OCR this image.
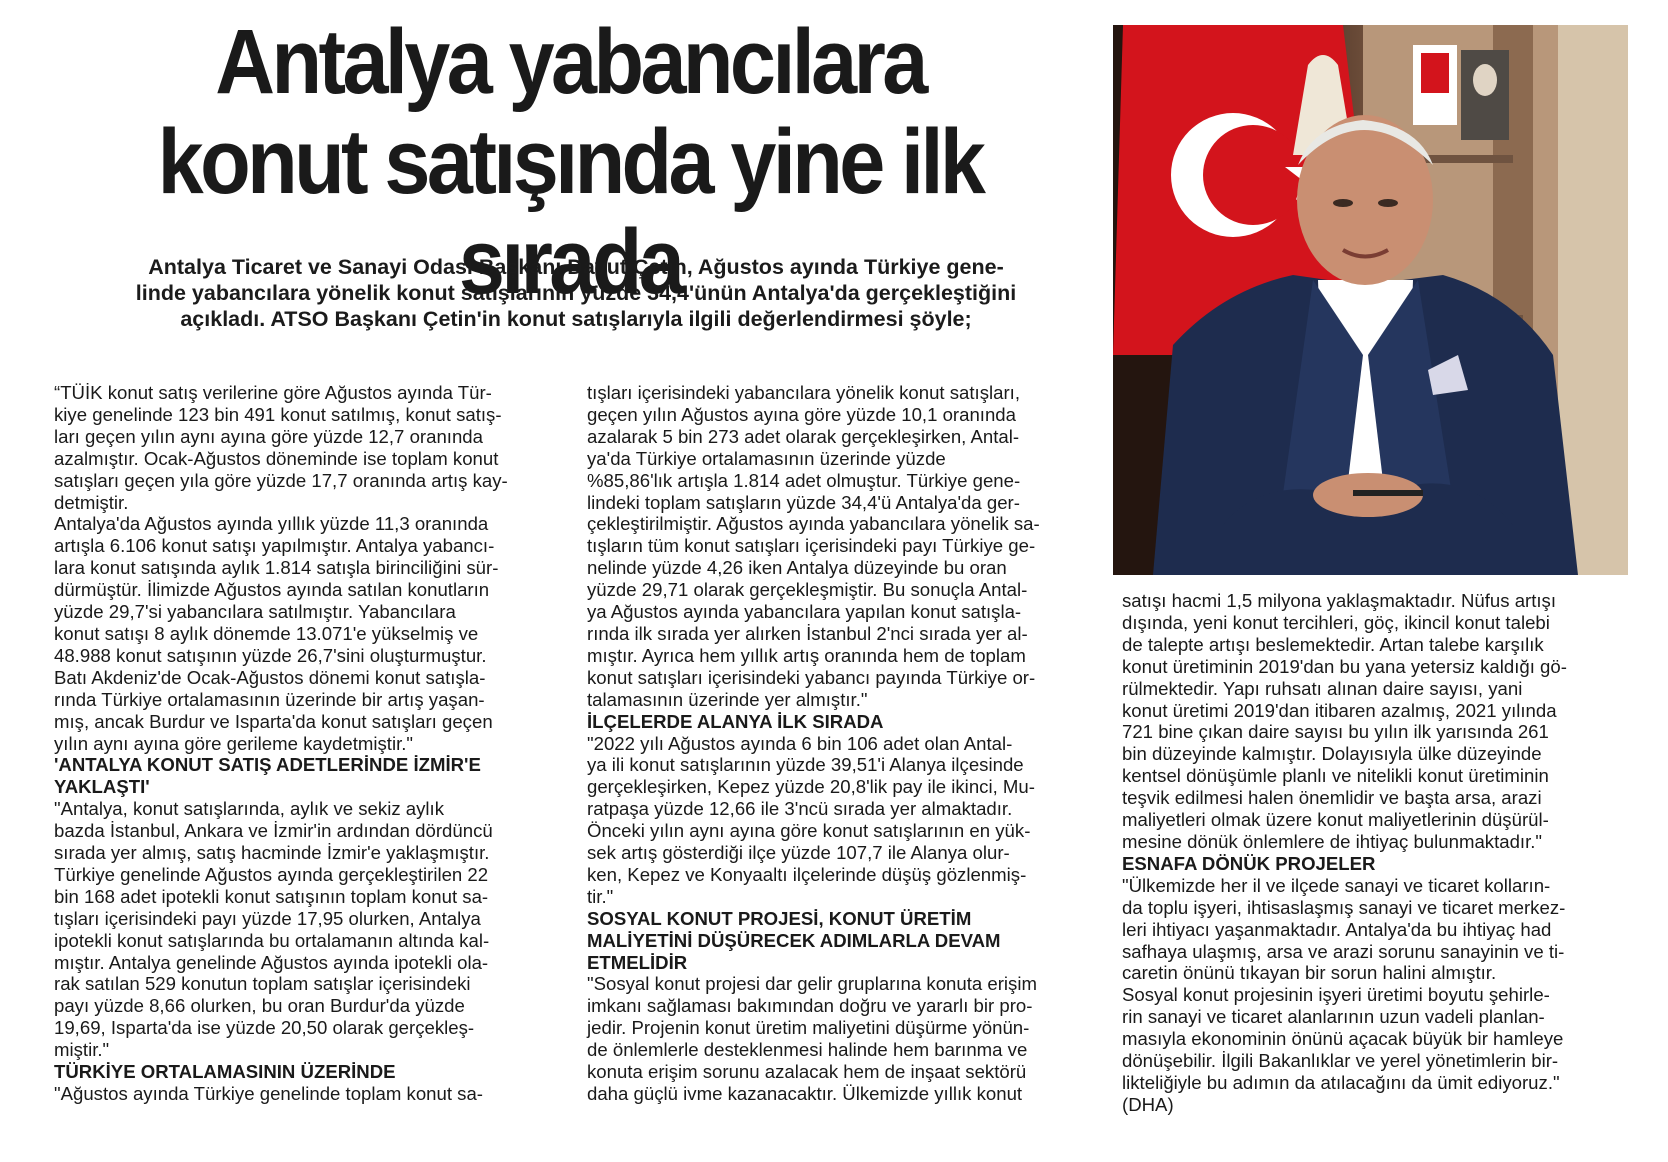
Antalya yabancılara
konut satışında yine ilk sırada
Antalya Ticaret ve Sanayi Odası Başkanı Davut Çetin, Ağustos ayında Türkiye gene-
linde yabancılara yönelik konut satışlarının yüzde 34,4'ünün Antalya'da gerçekleştiğini
açıkladı. ATSO Başkanı Çetin'in konut satışlarıyla ilgili değerlendirmesi şöyle;
“TÜİK konut satış verilerine göre Ağustos ayında Tür-
kiye genelinde 123 bin 491 konut satılmış, konut satış-
ları geçen yılın aynı ayına göre yüzde 12,7 oranında
azalmıştır. Ocak-Ağustos döneminde ise toplam konut
satışları geçen yıla göre yüzde 17,7 oranında artış kay-
detmiştir.
Antalya'da Ağustos ayında yıllık yüzde 11,3 oranında
artışla 6.106 konut satışı yapılmıştır. Antalya yabancı-
lara konut satışında aylık 1.814 satışla birinciliğini sür-
dürmüştür. İlimizde Ağustos ayında satılan konutların
yüzde 29,7'si yabancılara satılmıştır. Yabancılara
konut satışı 8 aylık dönemde 13.071'e yükselmiş ve
48.988 konut satışının yüzde 26,7'sini oluşturmuştur.
Batı Akdeniz'de Ocak-Ağustos dönemi konut satışla-
rında Türkiye ortalamasının üzerinde bir artış yaşan-
mış, ancak Burdur ve Isparta'da konut satışları geçen
yılın aynı ayına göre gerileme kaydetmiştir."
'ANTALYA KONUT SATIŞ ADETLERİNDE İZMİR'E
YAKLAŞTI'
"Antalya, konut satışlarında, aylık ve sekiz aylık
bazda İstanbul, Ankara ve İzmir'in ardından dördüncü
sırada yer almış, satış hacminde İzmir'e yaklaşmıştır.
Türkiye genelinde Ağustos ayında gerçekleştirilen 22
bin 168 adet ipotekli konut satışının toplam konut sa-
tışları içerisindeki payı yüzde 17,95 olurken, Antalya
ipotekli konut satışlarında bu ortalamanın altında kal-
mıştır. Antalya genelinde Ağustos ayında ipotekli ola-
rak satılan 529 konutun toplam satışlar içerisindeki
payı yüzde 8,66 olurken, bu oran Burdur'da yüzde
19,69, Isparta'da ise yüzde 20,50 olarak gerçekleş-
miştir."
TÜRKİYE ORTALAMASININ ÜZERİNDE
"Ağustos ayında Türkiye genelinde toplam konut sa-
tışları içerisindeki yabancılara yönelik konut satışları,
geçen yılın Ağustos ayına göre yüzde 10,1 oranında
azalarak 5 bin 273 adet olarak gerçekleşirken, Antal-
ya'da Türkiye ortalamasının üzerinde yüzde
%85,86'lık artışla 1.814 adet olmuştur. Türkiye gene-
lindeki toplam satışların yüzde 34,4'ü Antalya'da ger-
çekleştirilmiştir. Ağustos ayında yabancılara yönelik sa-
tışların tüm konut satışları içerisindeki payı Türkiye ge-
nelinde yüzde 4,26 iken Antalya düzeyinde bu oran
yüzde 29,71 olarak gerçekleşmiştir. Bu sonuçla Antal-
ya Ağustos ayında yabancılara yapılan konut satışla-
rında ilk sırada yer alırken İstanbul 2'nci sırada yer al-
mıştır. Ayrıca hem yıllık artış oranında hem de toplam
konut satışları içerisindeki yabancı payında Türkiye or-
talamasının üzerinde yer almıştır."
İLÇELERDE ALANYA İLK SIRADA
"2022 yılı Ağustos ayında 6 bin 106 adet olan Antal-
ya ili konut satışlarının yüzde 39,51'i Alanya ilçesinde
gerçekleşirken, Kepez yüzde 20,8'lik pay ile ikinci, Mu-
ratpaşa yüzde 12,66 ile 3'ncü sırada yer almaktadır.
Önceki yılın aynı ayına göre konut satışlarının en yük-
sek artış gösterdiği ilçe yüzde 107,7 ile Alanya olur-
ken, Kepez ve Konyaaltı ilçelerinde düşüş gözlenmiş-
tir."
SOSYAL KONUT PROJESİ, KONUT ÜRETİM
MALİYETİNİ DÜŞÜRECEK ADIMLARLA DEVAM
ETMELİDİR
"Sosyal konut projesi dar gelir gruplarına konuta erişim
imkanı sağlaması bakımından doğru ve yararlı bir pro-
jedir. Projenin konut üretim maliyetini düşürme yönün-
de önlemlerle desteklenmesi halinde hem barınma ve
konuta erişim sorunu azalacak hem de inşaat sektörü
daha güçlü ivme kazanacaktır. Ülkemizde yıllık konut
satışı hacmi 1,5 milyona yaklaşmaktadır. Nüfus artışı
dışında, yeni konut tercihleri, göç, ikincil konut talebi
de talepte artışı beslemektedir. Artan talebe karşılık
konut üretiminin 2019'dan bu yana yetersiz kaldığı gö-
rülmektedir. Yapı ruhsatı alınan daire sayısı, yani
konut üretimi 2019'dan itibaren azalmış, 2021 yılında
721 bine çıkan daire sayısı bu yılın ilk yarısında 261
bin düzeyinde kalmıştır. Dolayısıyla ülke düzeyinde
kentsel dönüşümle planlı ve nitelikli konut üretiminin
teşvik edilmesi halen önemlidir ve başta arsa, arazi
maliyetleri olmak üzere konut maliyetlerinin düşürül-
mesine dönük önlemlere de ihtiyaç bulunmaktadır."
ESNAFA DÖNÜK PROJELER
"Ülkemizde her il ve ilçede sanayi ve ticaret kolların-
da toplu işyeri, ihtisaslaşmış sanayi ve ticaret merkez-
leri ihtiyacı yaşanmaktadır. Antalya'da bu ihtiyaç had
safhaya ulaşmış, arsa ve arazi sorunu sanayinin ve ti-
caretin önünü tıkayan bir sorun halini almıştır.
Sosyal konut projesinin işyeri üretimi boyutu şehirle-
rin sanayi ve ticaret alanlarının uzun vadeli planlan-
masıyla ekonominin önünü açacak büyük bir hamleye
dönüşebilir. İlgili Bakanlıklar ve yerel yönetimlerin bir-
likteliğiyle bu adımın da atılacağını da ümit ediyoruz."
(DHA)
